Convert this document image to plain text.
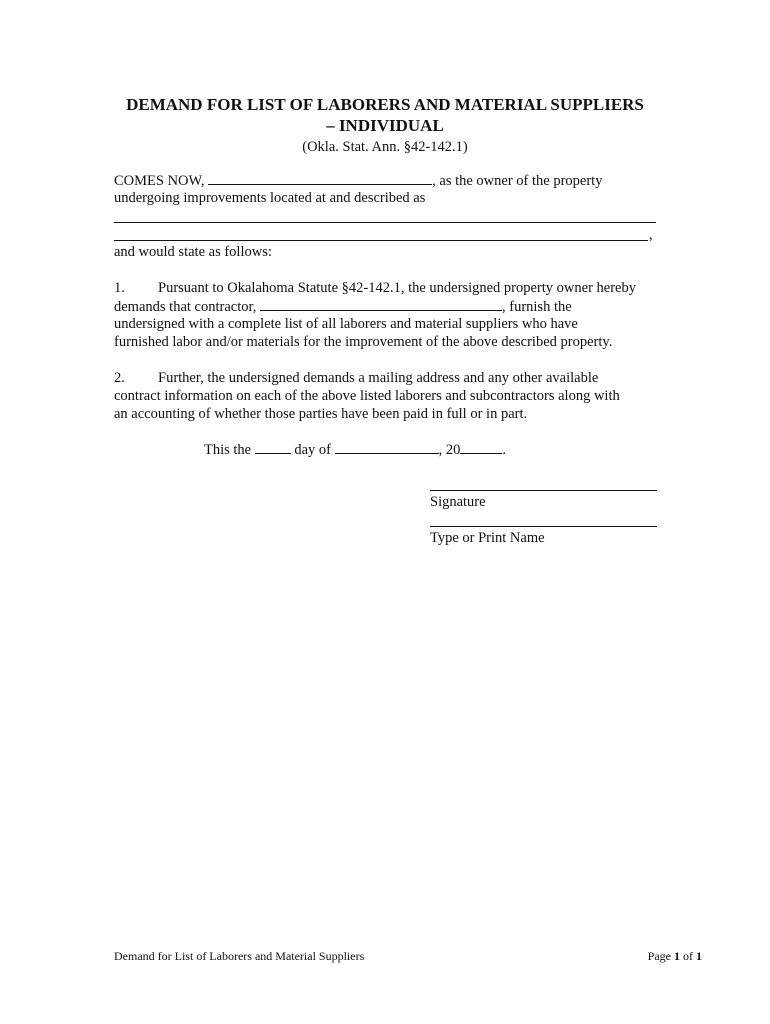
DEMAND FOR LIST OF LABORERS AND MATERIAL SUPPLIERS
– INDIVIDUAL
(Okla. Stat. Ann. §42-142.1)
COMES NOW,	, as the owner of the property
undergoing improvements located at and described as
,
and would state as follows:
1. Pursuant to Okalahoma Statute §42-142.1, the undersigned property owner hereby
demands that contractor,	, furnish the
undersigned with a complete list of all laborers and material suppliers who have
furnished labor and/or materials for the improvement of the above described property.
2. Further, the undersigned demands a mailing address and any other available
contract information on each of the above listed laborers and subcontractors along with
an accounting of whether those parties have been paid in full or in part.
This the	day of	, 20	.
Signature
Type or Print Name
Demand for List of Laborers and Material Suppliers	Page 1 of 1
